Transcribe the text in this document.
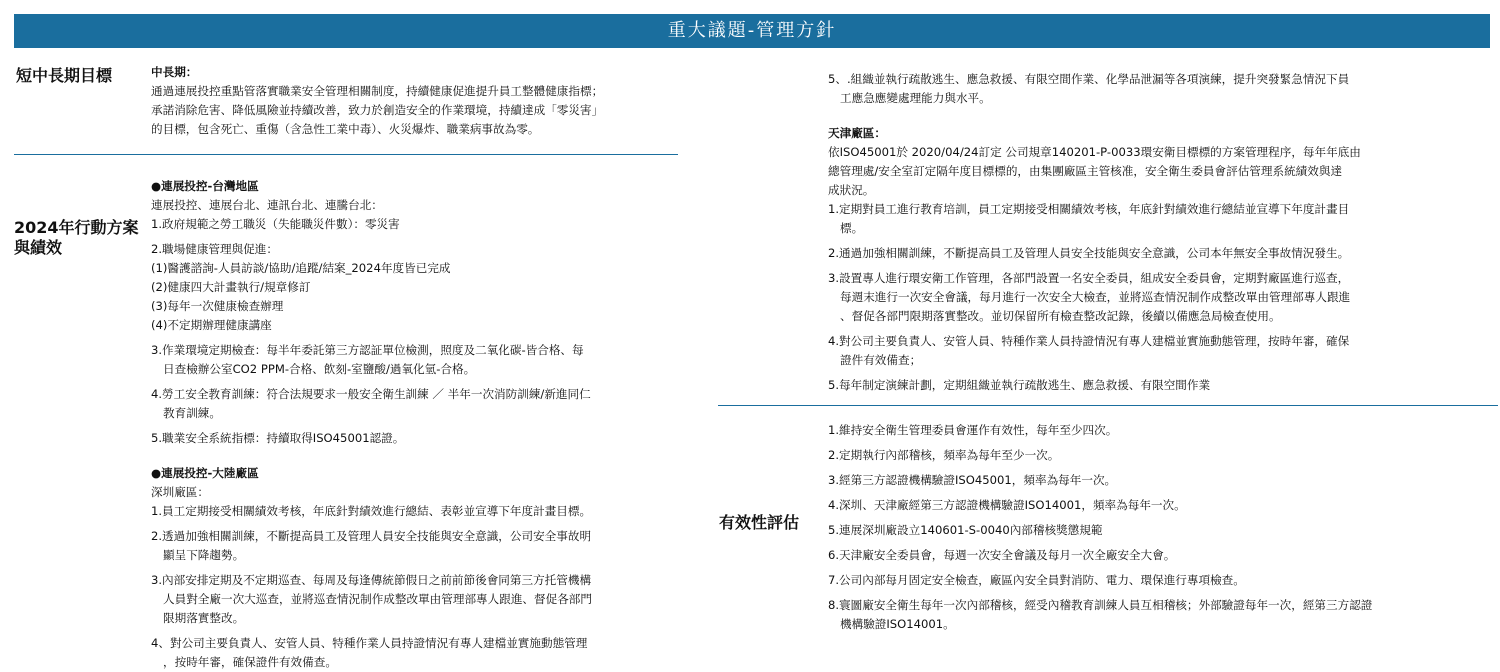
重大議題-管理方針
短中長期目標	中長期：
通過連展投控重點管落實職業安全管理相關制度，持續健康促進提升員工整體健康指標；
承諾消除危害、降低風險並持續改善，致力於創造安全的作業環境，持續達成「零災害」
的目標，包含死亡、重傷（含急性工業中毒）、火災爆炸、職業病事故為零。
2024年行動方案
與績效
●連展投控-台灣地區
連展投控、連展台北、連訊台北、連騰台北：
1.政府規範之勞工職災（失能職災件數）：零災害
2.職場健康管理與促進：
(1)醫護諮詢-人員訪談/協助/追蹤/結案_2024年度皆已完成
(2)健康四大計畫執行/規章修訂
(3)每年一次健康檢查辦理
(4)不定期辦理健康講座
3.作業環境定期檢查：每半年委託第三方認証單位檢測，照度及二氧化碳-皆合格、每
日查檢辦公室CO2 PPM-合格、飲刻-室鹽酸/過氧化氫-合格。
4.勞工安全教育訓練：符合法規要求一般安全衛生訓練 ／ 半年一次消防訓練/新進同仁
教育訓練。
5.職業安全系統指標：持續取得ISO45001認證。
●連展投控-大陸廠區
深圳廠區：
1.員工定期接受相關績效考核，年底針對績效進行總結、表彰並宣導下年度計畫目標。
2.透過加強相關訓練，不斷提高員工及管理人員安全技能與安全意識，公司安全事故明
顯呈下降趨勢。
3.內部安排定期及不定期巡查、每周及每逢傳統節假日之前前節後會同第三方托管機構
人員對全廠一次大巡查，並將巡查情況制作成整改單由管理部專人跟進、督促各部門
限期落實整改。
4、對公司主要負責人、安管人員、特種作業人員持證情況有專人建檔並實施動態管理
，按時年審，確保證件有效備查。
5、.組織並執行疏散逃生、應急救援、有限空間作業、化學品泄漏等各項演練，提升突發緊急情況下員
工應急應變處理能力與水平。
天津廠區：
依ISO45001於 2020/04/24訂定 公司規章140201-P-0033環安衛目標標的方案管理程序，每年年底由
總管理處/安全室訂定隔年度目標標的，由集團廠區主管核准，安全衛生委員會評估管理系統績效與達
成狀況。
1.定期對員工進行教育培訓，員工定期接受相關績效考核，年底針對績效進行總結並宣導下年度計畫目
標。
2.通過加強相關訓練，不斷提高員工及管理人員安全技能與安全意識，公司本年無安全事故情況發生。
3.設置專人進行環安衛工作管理，各部門設置一名安全委員，組成安全委員會，定期對廠區進行巡查，
每週末進行一次安全會議，每月進行一次安全大檢查，並將巡查情況制作成整改單由管理部專人跟進
、督促各部門限期落實整改。並切保留所有檢查整改記錄，後續以備應急局檢查使用。
4.對公司主要負責人、安管人員、特種作業人員持證情況有專人建檔並實施動態管理，按時年審，確保
證件有效備查；
5.每年制定演練計劃，定期組織並執行疏散逃生、應急救援、有限空間作業
有效性評估
1.維持安全衛生管理委員會運作有效性，每年至少四次。
2.定期執行內部稽核，頻率為每年至少一次。
3.經第三方認證機構驗證ISO45001，頻率為每年一次。
4.深圳、天津廠經第三方認證機構驗證ISO14001，頻率為每年一次。
5.連展深圳廠設立140601-S-0040內部稽核獎懲規範
6.天津廠安全委員會，每週一次安全會議及每月一次全廠安全大會。
7.公司內部每月固定安全檢查，廠區內安全員對消防、電力、環保進行專項檢查。
8.寰圖廠安全衛生每年一次內部稽核，經受內稽教育訓練人員互相稽核；外部驗證每年一次，經第三方認證
機構驗證ISO14001。
